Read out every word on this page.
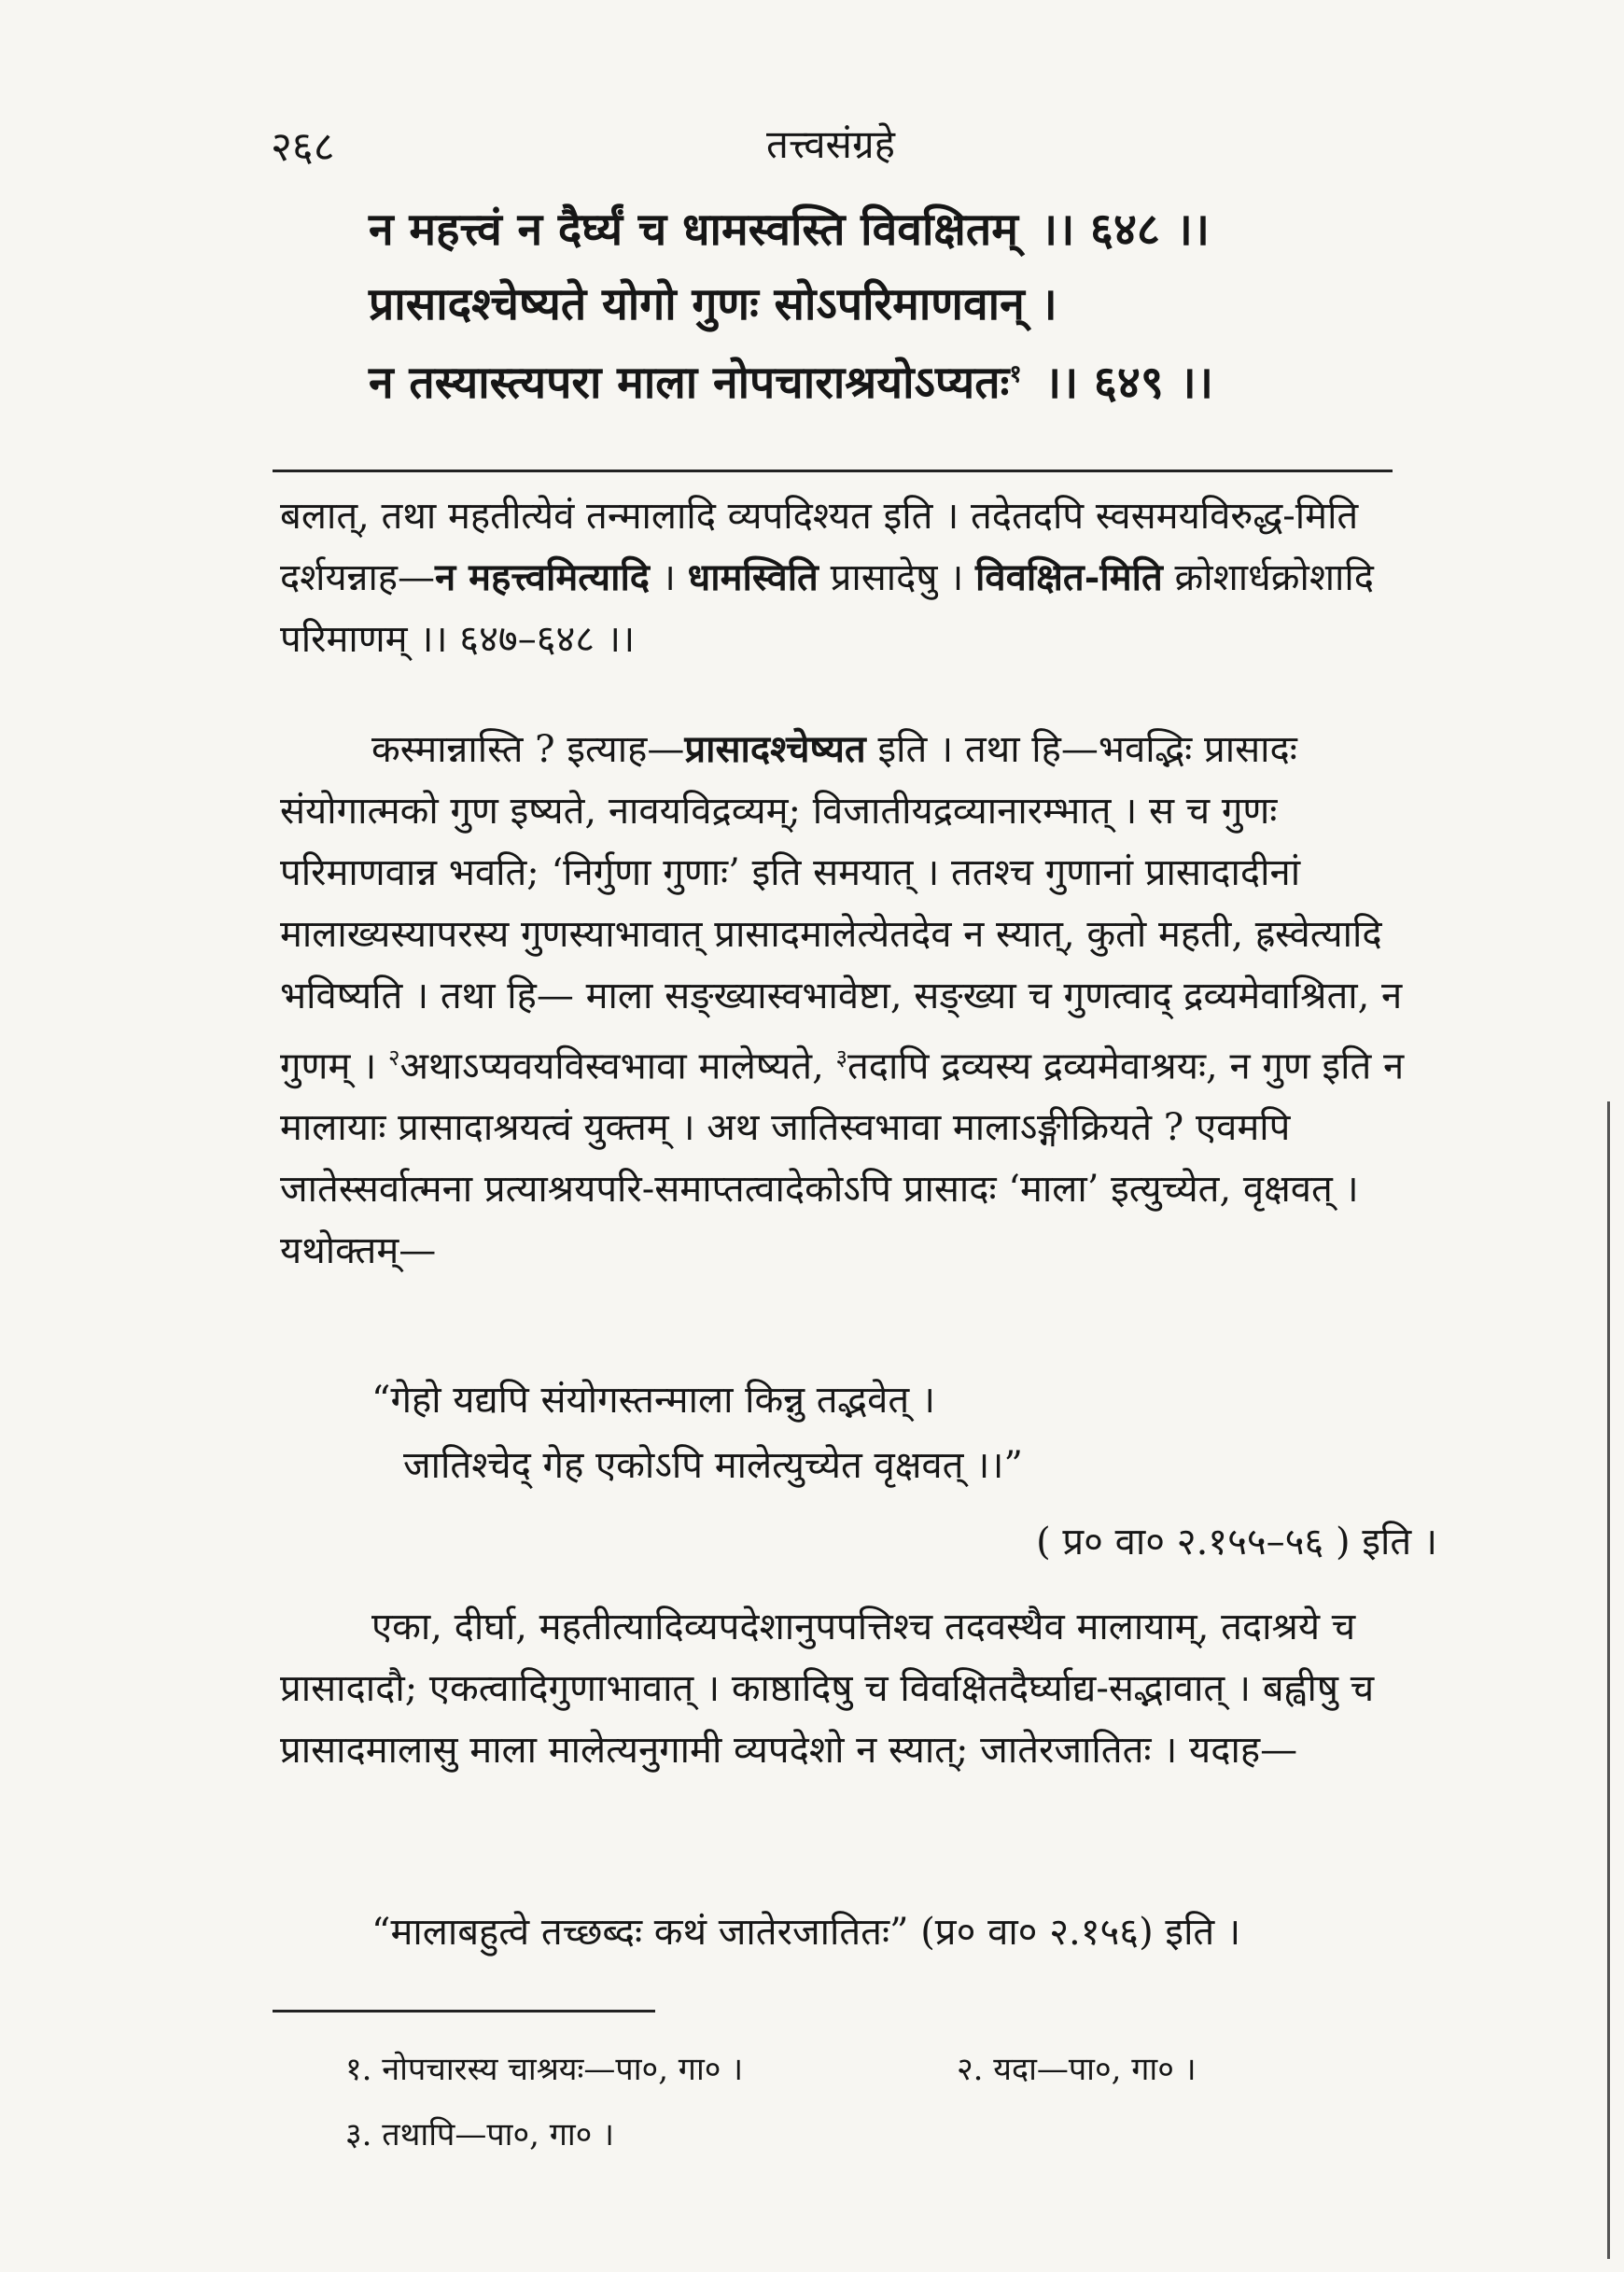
२६८	तत्त्वसंग्रहे
न महत्त्वं न दैर्घ्यं च धामस्वस्ति विवक्षितम् ।। ६४८ ।।
प्रासादश्चेष्यते योगो गुणः सोऽपरिमाणवान् ।
न तस्यास्त्यपरा माला नोपचाराश्रयोऽप्यतः$^१$ ।। ६४९ ।।
बलात्, तथा महतीत्येवं तन्मालादि व्यपदिश्यत इति । तदेतदपि स्वसमयविरुद्ध-मिति दर्शयन्नाह—न महत्त्वमित्यादि । धामस्विति प्रासादेषु । विवक्षित-मिति क्रोशार्धक्रोशादि परिमाणम् ।। ६४७–६४८ ।।
कस्मान्नास्ति ? इत्याह—प्रासादश्चेष्यत इति । तथा हि—भवद्भिः प्रासादः संयोगात्मको गुण इष्यते, नावयविद्रव्यम्; विजातीयद्रव्यानारम्भात् । स च गुणः परिमाणवान्न भवति; ‘निर्गुणा गुणाः’ इति समयात् । ततश्च गुणानां प्रासादादीनां मालाख्यस्यापरस्य गुणस्याभावात् प्रासादमालेत्येतदेव न स्यात्, कुतो महती, ह्रस्वेत्यादि भविष्यति । तथा हि— माला सङ्ख्यास्वभावेष्टा, सङ्ख्या च गुणत्वाद् द्रव्यमेवाश्रिता, न गुणम् । $^२$अथाऽप्यवयविस्वभावा मालेष्यते, $^३$तदापि द्रव्यस्य द्रव्यमेवाश्रयः, न गुण इति न मालायाः प्रासादाश्रयत्वं युक्तम् । अथ जातिस्वभावा मालाऽङ्गीक्रियते ? एवमपि जातेस्सर्वात्मना प्रत्याश्रयपरि-समाप्तत्वादेकोऽपि प्रासादः ‘माला’ इत्युच्येत, वृक्षवत् । यथोक्तम्—
“गेहो यद्यपि संयोगस्तन्माला किन्नु तद्भवेत् ।
जातिश्चेद् गेह एकोऽपि मालेत्युच्येत वृक्षवत् ।।”
( प्र० वा० २.१५५–५६ ) इति ।
एका, दीर्घा, महतीत्यादिव्यपदेशानुपपत्तिश्च तदवस्थैव मालायाम्, तदाश्रये च प्रासादादौ; एकत्वादिगुणाभावात् । काष्ठादिषु च विवक्षितदैर्घ्याद्य-सद्भावात् । बह्वीषु च प्रासादमालासु माला मालेत्यनुगामी व्यपदेशो न स्यात्; जातेरजातितः । यदाह—
“मालाबहुत्वे तच्छब्दः कथं जातेरजातितः” (प्र० वा० २.१५६) इति ।
१. नोपचारस्य चाश्रयः—पा०, गा० ।	२. यदा—पा०, गा० ।
३. तथापि—पा०, गा० ।
